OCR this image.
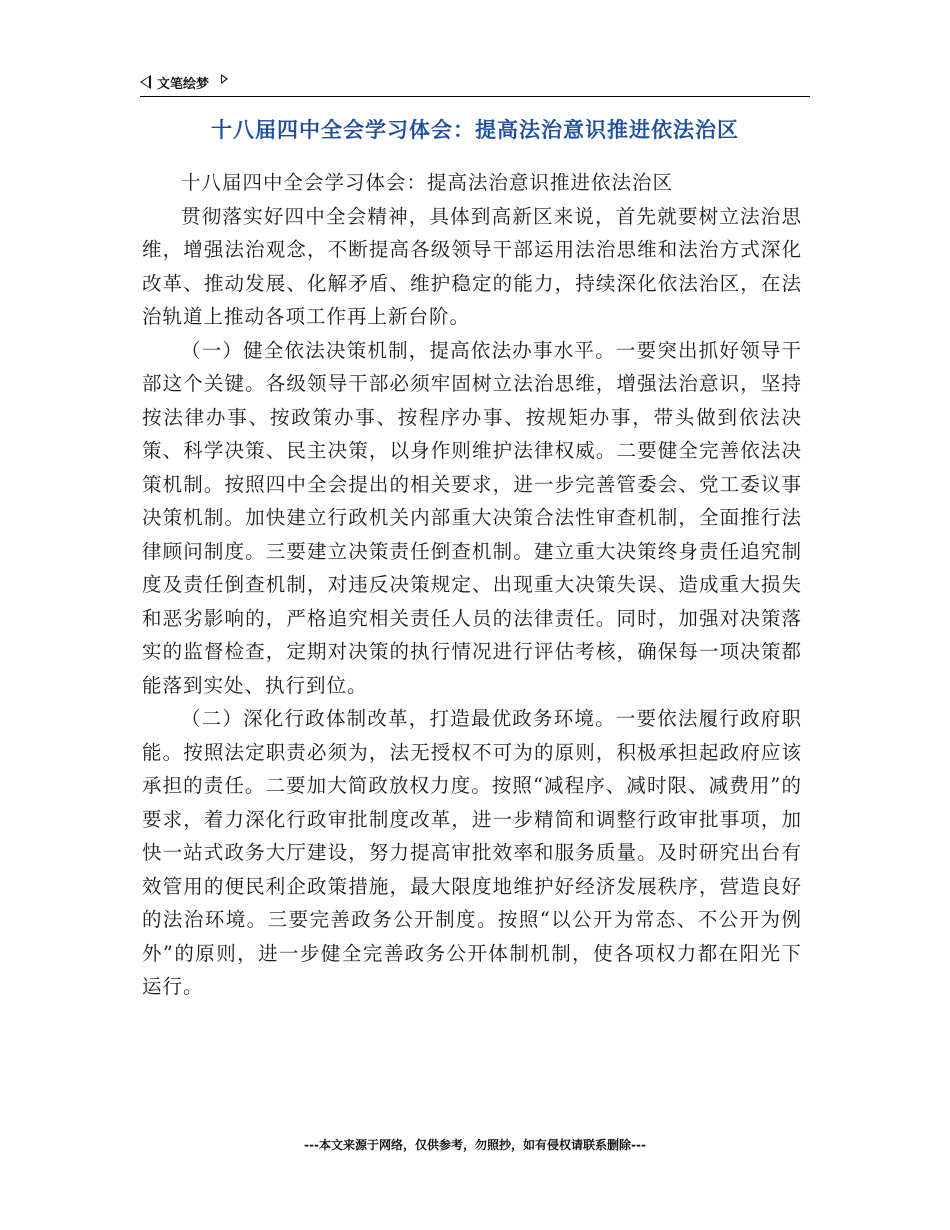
文笔绘梦
十八届四中全会学习体会：提高法治意识推进依法治区

十八届四中全会学习体会：提高法治意识推进依法治区

贯彻落实好四中全会精神，具体到高新区来说，首先就要树立法治思维，增强法治观念，不断提高各级领导干部运用法治思维和法治方式深化改革、推动发展、化解矛盾、维护稳定的能力，持续深化依法治区，在法治轨道上推动各项工作再上新台阶。

（一）健全依法决策机制，提高依法办事水平。一要突出抓好领导干部这个关键。各级领导干部必须牢固树立法治思维，增强法治意识，坚持按法律办事、按政策办事、按程序办事、按规矩办事，带头做到依法决策、科学决策、民主决策，以身作则维护法律权威。二要健全完善依法决策机制。按照四中全会提出的相关要求，进一步完善管委会、党工委议事决策机制。加快建立行政机关内部重大决策合法性审查机制，全面推行法律顾问制度。三要建立决策责任倒查机制。建立重大决策终身责任追究制度及责任倒查机制，对违反决策规定、出现重大决策失误、造成重大损失和恶劣影响的，严格追究相关责任人员的法律责任。同时，加强对决策落实的监督检查，定期对决策的执行情况进行评估考核，确保每一项决策都能落到实处、执行到位。

（二）深化行政体制改革，打造最优政务环境。一要依法履行政府职能。按照法定职责必须为，法无授权不可为的原则，积极承担起政府应该承担的责任。二要加大简政放权力度。按照“减程序、减时限、减费用”的要求，着力深化行政审批制度改革，进一步精简和调整行政审批事项，加快一站式政务大厅建设，努力提高审批效率和服务质量。及时研究出台有效管用的便民利企政策措施，最大限度地维护好经济发展秩序，营造良好的法治环境。三要完善政务公开制度。按照“以公开为常态、不公开为例外”的原则，进一步健全完善政务公开体制机制，使各项权力都在阳光下运行。

---本文来源于网络，仅供参考，勿照抄，如有侵权请联系删除---
